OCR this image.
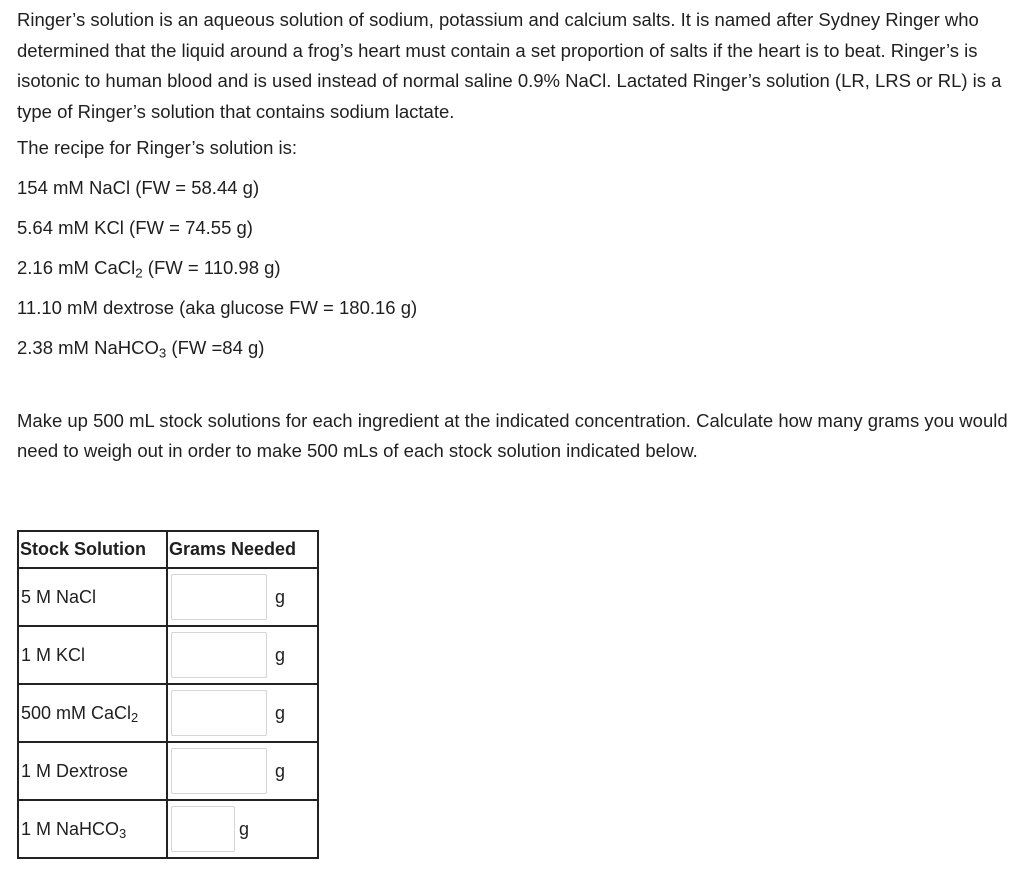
Ringer’s solution is an aqueous solution of sodium, potassium and calcium salts. It is named after Sydney Ringer who determined that the liquid around a frog’s heart must contain a set proportion of salts if the heart is to beat. Ringer’s is isotonic to human blood and is used instead of normal saline 0.9% NaCl. Lactated Ringer’s solution (LR, LRS or RL) is a type of Ringer’s solution that contains sodium lactate.

The recipe for Ringer’s solution is:

154 mM NaCl (FW = 58.44 g)

5.64 mM KCl (FW = 74.55 g)

2.16 mM CaCl$_2$ (FW = 110.98 g)

11.10 mM dextrose (aka glucose FW = 180.16 g)

2.38 mM NaHCO$_3$ (FW =84 g)

Make up 500 mL stock solutions for each ingredient at the indicated concentration. Calculate how many grams you would need to weigh out in order to make 500 mLs of each stock solution indicated below.

Stock Solution	Grams Needed
5 M NaCl	g
1 M KCl	g
500 mM CaCl$_2$	g
1 M Dextrose	g
1 M NaHCO$_3$	g
